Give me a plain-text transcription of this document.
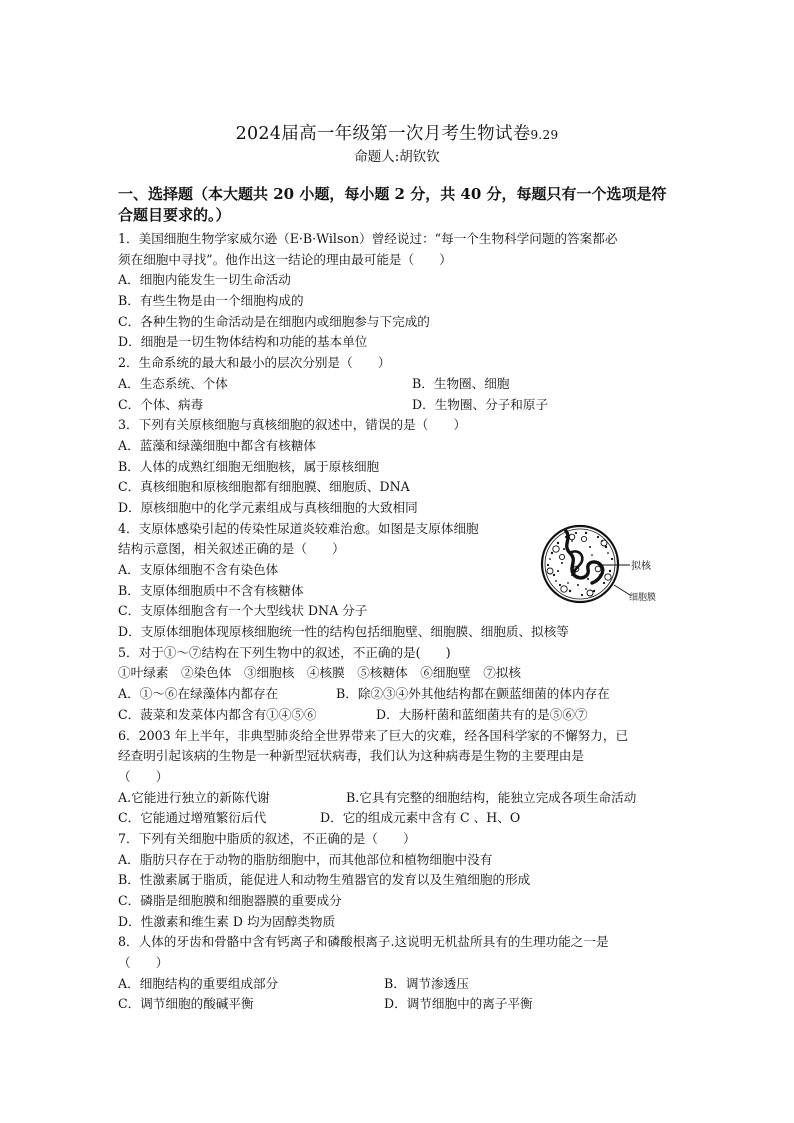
2024届高一年级第一次月考生物试卷9.29
命题人:胡钦钦
一、选择题（本大题共 20 小题，每小题 2 分，共 40 分，每题只有一个选项是符合题目要求的。）
1．美国细胞生物学家威尔逊（E·B·Wilson）曾经说过：“每一个生物科学问题的答案都必
须在细胞中寻找”。他作出这一结论的理由最可能是（　　）
A．细胞内能发生一切生命活动
B．有些生物是由一个细胞构成的
C．各种生物的生命活动是在细胞内或细胞参与下完成的
D．细胞是一切生物体结构和功能的基本单位
2．生命系统的最大和最小的层次分别是（　　）
A．生态系统、个体	B．生物圈、细胞
C．个体、病毒	D．生物圈、分子和原子
3．下列有关原核细胞与真核细胞的叙述中，错误的是（　　）
A．蓝藻和绿藻细胞中都含有核糖体
B．人体的成熟红细胞无细胞核，属于原核细胞
C．真核细胞和原核细胞都有细胞膜、细胞质、DNA
D．原核细胞中的化学元素组成与真核细胞的大致相同
4．支原体感染引起的传染性尿道炎较难治愈。如图是支原体细胞
结构示意图，相关叙述正确的是（　　）
A．支原体细胞不含有染色体
B．支原体细胞质中不含有核糖体
C．支原体细胞含有一个大型线状 DNA 分子
D．支原体细胞体现原核细胞统一性的结构包括细胞壁、细胞膜、细胞质、拟核等
5．对于①～⑦结构在下列生物中的叙述，不正确的是(　　)
①叶绿素　②染色体　③细胞核　④核膜　⑤核糖体　⑥细胞壁　⑦拟核
A．①～⑥在绿藻体内都存在	B．除②③④外其他结构都在颤蓝细菌的体内存在
C．菠菜和发菜体内都含有①④⑤⑥	D．大肠杆菌和蓝细菌共有的是⑤⑥⑦
6．2003 年上半年，非典型肺炎给全世界带来了巨大的灾难，经各国科学家的不懈努力，已
经查明引起该病的生物是一种新型冠状病毒，我们认为这种病毒是生物的主要理由是
（　　）
A.它能进行独立的新陈代谢	B.它具有完整的细胞结构，能独立完成各项生命活动
C．它能通过增殖繁衍后代	D．它的组成元素中含有 C 、H、O
7．下列有关细胞中脂质的叙述，不正确的是（　　）
A．脂肪只存在于动物的脂肪细胞中，而其他部位和植物细胞中没有
B．性激素属于脂质，能促进人和动物生殖器官的发育以及生殖细胞的形成
C．磷脂是细胞膜和细胞器膜的重要成分
D．性激素和维生素 D 均为固醇类物质
8．人体的牙齿和骨骼中含有钙离子和磷酸根离子.这说明无机盐所具有的生理功能之一是
（　　）
A．细胞结构的重要组成部分	B．调节渗透压
C．调节细胞的酸碱平衡	D．调节细胞中的离子平衡
拟核
细胞膜
